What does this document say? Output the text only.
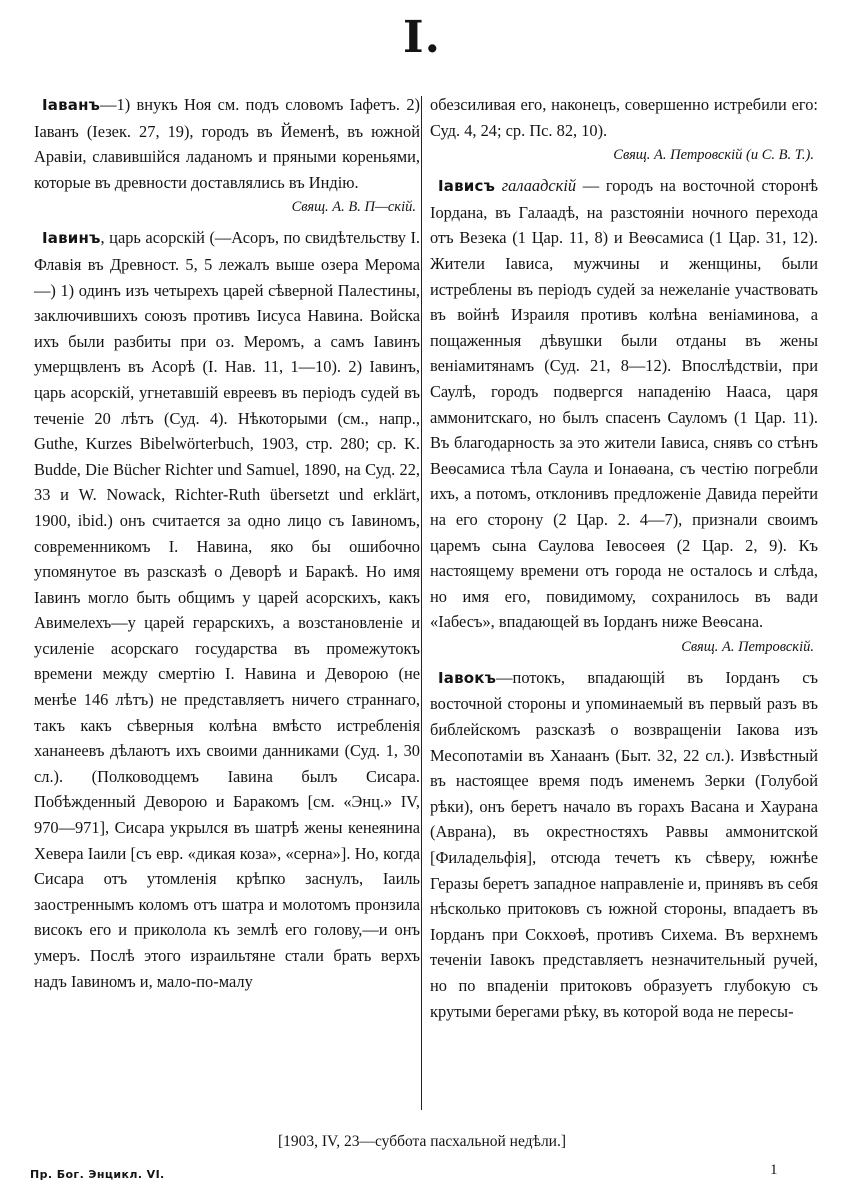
I.

Іаванъ—1) внукъ Ноя см. подъ словомъ Іафетъ. 2) Іаванъ (Іезек. 27, 19), городъ въ Йеменѣ, въ южной Аравіи, славившійся ладаномъ и пряными кореньями, которые въ древности доставлялись въ Индію.

Свящ. А. В. П—скій.

Іавинъ, царь асорскій (—Асоръ, по свидѣтельству І. Флавія въ Древност. 5, 5 лежалъ выше озера Мерома—) 1) одинъ изъ четырехъ царей сѣверной Палестины, заключившихъ союзъ противъ Іисуса Навина. Войска ихъ были разбиты при оз. Меромъ, а самъ Іавинъ умерщвленъ въ Асорѣ (І. Нав. 11, 1—10). 2) Іавинъ, царь асорскій, угнетавшій евреевъ въ періодъ судей въ теченіе 20 лѣтъ (Суд. 4). Нѣкоторыми (см., напр., Guthe, Kurzes Bibelwörterbuch, 1903, стр. 280; ср. K. Budde, Die Bücher Richter und Samuel, 1890, на Суд. 22, 33 и W. Nowack, Richter-Ruth übersetzt und erklärt, 1900, ibid.) онъ считается за одно лицо съ Іавиномъ, современникомъ І. Навина, яко бы ошибочно упомянутое въ разсказѣ о Деворѣ и Баракѣ. Но имя Іавинъ могло быть общимъ у царей асорскихъ, какъ Авимелехъ—у царей герарскихъ, а возстановленіе и усиленіе асорскаго государства въ промежутокъ времени между смертію І. Навина и Деворою (не менѣе 146 лѣтъ) не представляетъ ничего страннаго, такъ какъ сѣверныя колѣна вмѣсто истребленія хананеевъ дѣлаютъ ихъ своими данниками (Суд. 1, 30 сл.). (Полководцемъ Іавина былъ Сисара. Побѣжденный Деворою и Баракомъ [см. «Энц.» IV, 970—971], Сисара укрылся въ шатрѣ жены кенеянина Хевера Іаили [съ евр. «дикая коза», «серна»]. Но, когда Сисара отъ утомленія крѣпко заснулъ, Іаиль заостреннымъ коломъ отъ шатра и молотомъ пронзила високъ его и приколола къ землѣ его голову,—и онъ умеръ. Послѣ этого израильтяне стали брать верхъ надъ Іавиномъ и, мало-по-малу

обезсиливая его, наконецъ, совершенно истребили его: Суд. 4, 24; ср. Пс. 82, 10).

Свящ. А. Петровскій (и С. В. Т.).

Іависъ галаадскій — городъ на восточной сторонѣ Іордана, въ Галаадѣ, на разстояніи ночного перехода отъ Везека (1 Цар. 11, 8) и Веѳсамиса (1 Цар. 31, 12). Жители Іависа, мужчины и женщины, были истреблены въ періодъ судей за нежеланіе участвовать въ войнѣ Израиля противъ колѣна веніаминова, а пощаженныя дѣвушки были отданы въ жены веніамитянамъ (Суд. 21, 8—12). Впослѣдствіи, при Саулѣ, городъ подвергся нападенію Нааса, царя аммонитскаго, но былъ спасенъ Сауломъ (1 Цар. 11). Въ благодарность за это жители Іависа, снявъ со стѣнъ Веѳсамиса тѣла Саула и Іонаѳана, съ честію погребли ихъ, а потомъ, отклонивъ предложеніе Давида перейти на его сторону (2 Цар. 2. 4—7), признали своимъ царемъ сына Саулова Іевосѳея (2 Цар. 2, 9). Къ настоящему времени отъ города не осталось и слѣда, но имя его, повидимому, сохранилось въ вади «Іабесъ», впадающей въ Іорданъ ниже Веѳсана.

Свящ. А. Петровскій.

Іавокъ—потокъ, впадающій въ Іорданъ съ восточной стороны и упоминаемый въ первый разъ въ библейскомъ разсказѣ о возвращеніи Іакова изъ Месопотаміи въ Ханаанъ (Быт. 32, 22 сл.). Извѣстный въ настоящее время подъ именемъ Зерки (Голубой рѣки), онъ беретъ начало въ горахъ Васана и Хаурана (Аврана), въ окрестностяхъ Раввы аммонитской [Филадельфія], отсюда течетъ къ сѣверу, южнѣе Геразы беретъ западное направленіе и, принявъ въ себя нѣсколько притоковъ съ южной стороны, впадаетъ въ Іорданъ при Сокхоѳѣ, противъ Сихема. Въ верхнемъ теченіи Іавокъ представляетъ незначительный ручей, но по впаденіи притоковъ образуетъ глубокую съ крутыми берегами рѣку, въ которой вода не пересы-

[1903, IV, 23—суббота пасхальной недѣли.]
Пр. Бог. Энцикл. VI.	1
